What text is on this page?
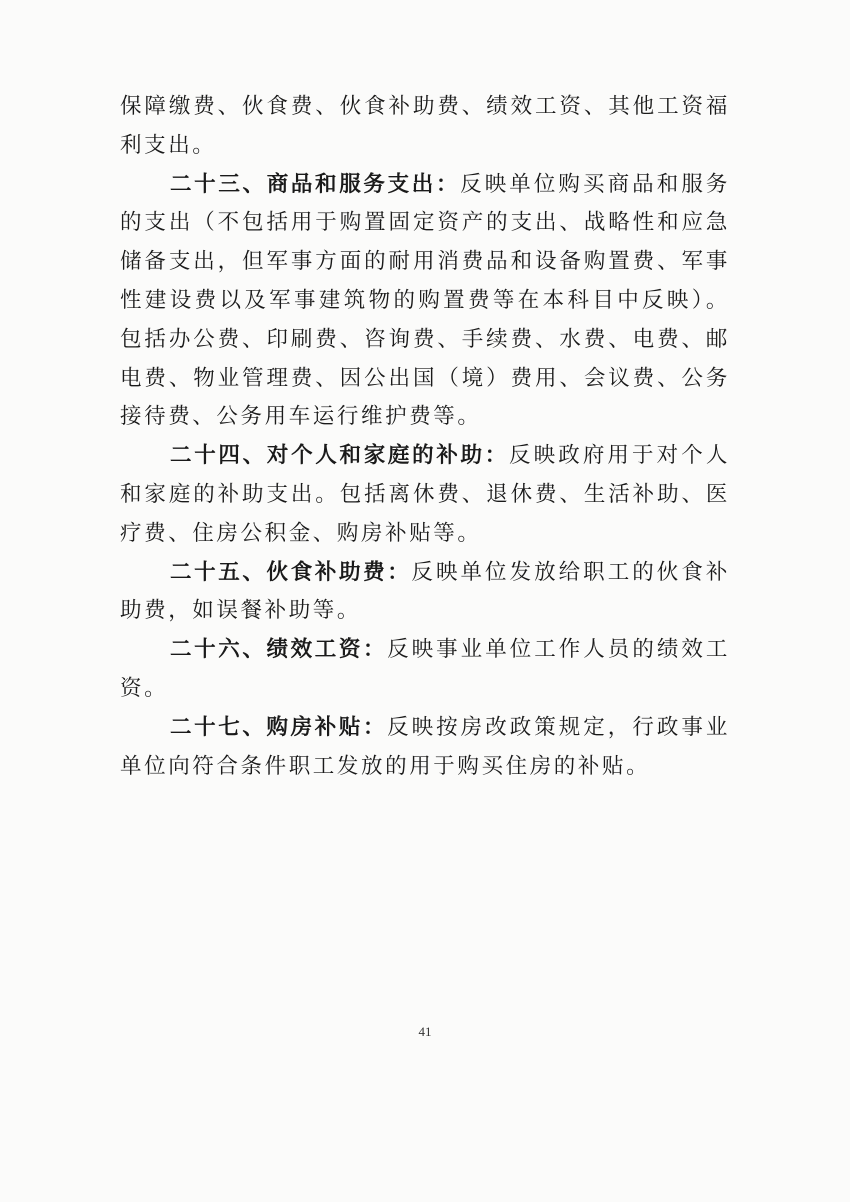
保障缴费、伙食费、伙食补助费、绩效工资、其他工资福利支出。

二十三、商品和服务支出：反映单位购买商品和服务的支出（不包括用于购置固定资产的支出、战略性和应急储备支出，但军事方面的耐用消费品和设备购置费、军事性建设费以及军事建筑物的购置费等在本科目中反映）。包括办公费、印刷费、咨询费、手续费、水费、电费、邮电费、物业管理费、因公出国（境）费用、会议费、公务接待费、公务用车运行维护费等。

二十四、对个人和家庭的补助：反映政府用于对个人和家庭的补助支出。包括离休费、退休费、生活补助、医疗费、住房公积金、购房补贴等。

二十五、伙食补助费：反映单位发放给职工的伙食补助费，如误餐补助等。

二十六、绩效工资：反映事业单位工作人员的绩效工资。

二十七、购房补贴：反映按房改政策规定，行政事业单位向符合条件职工发放的用于购买住房的补贴。

41
